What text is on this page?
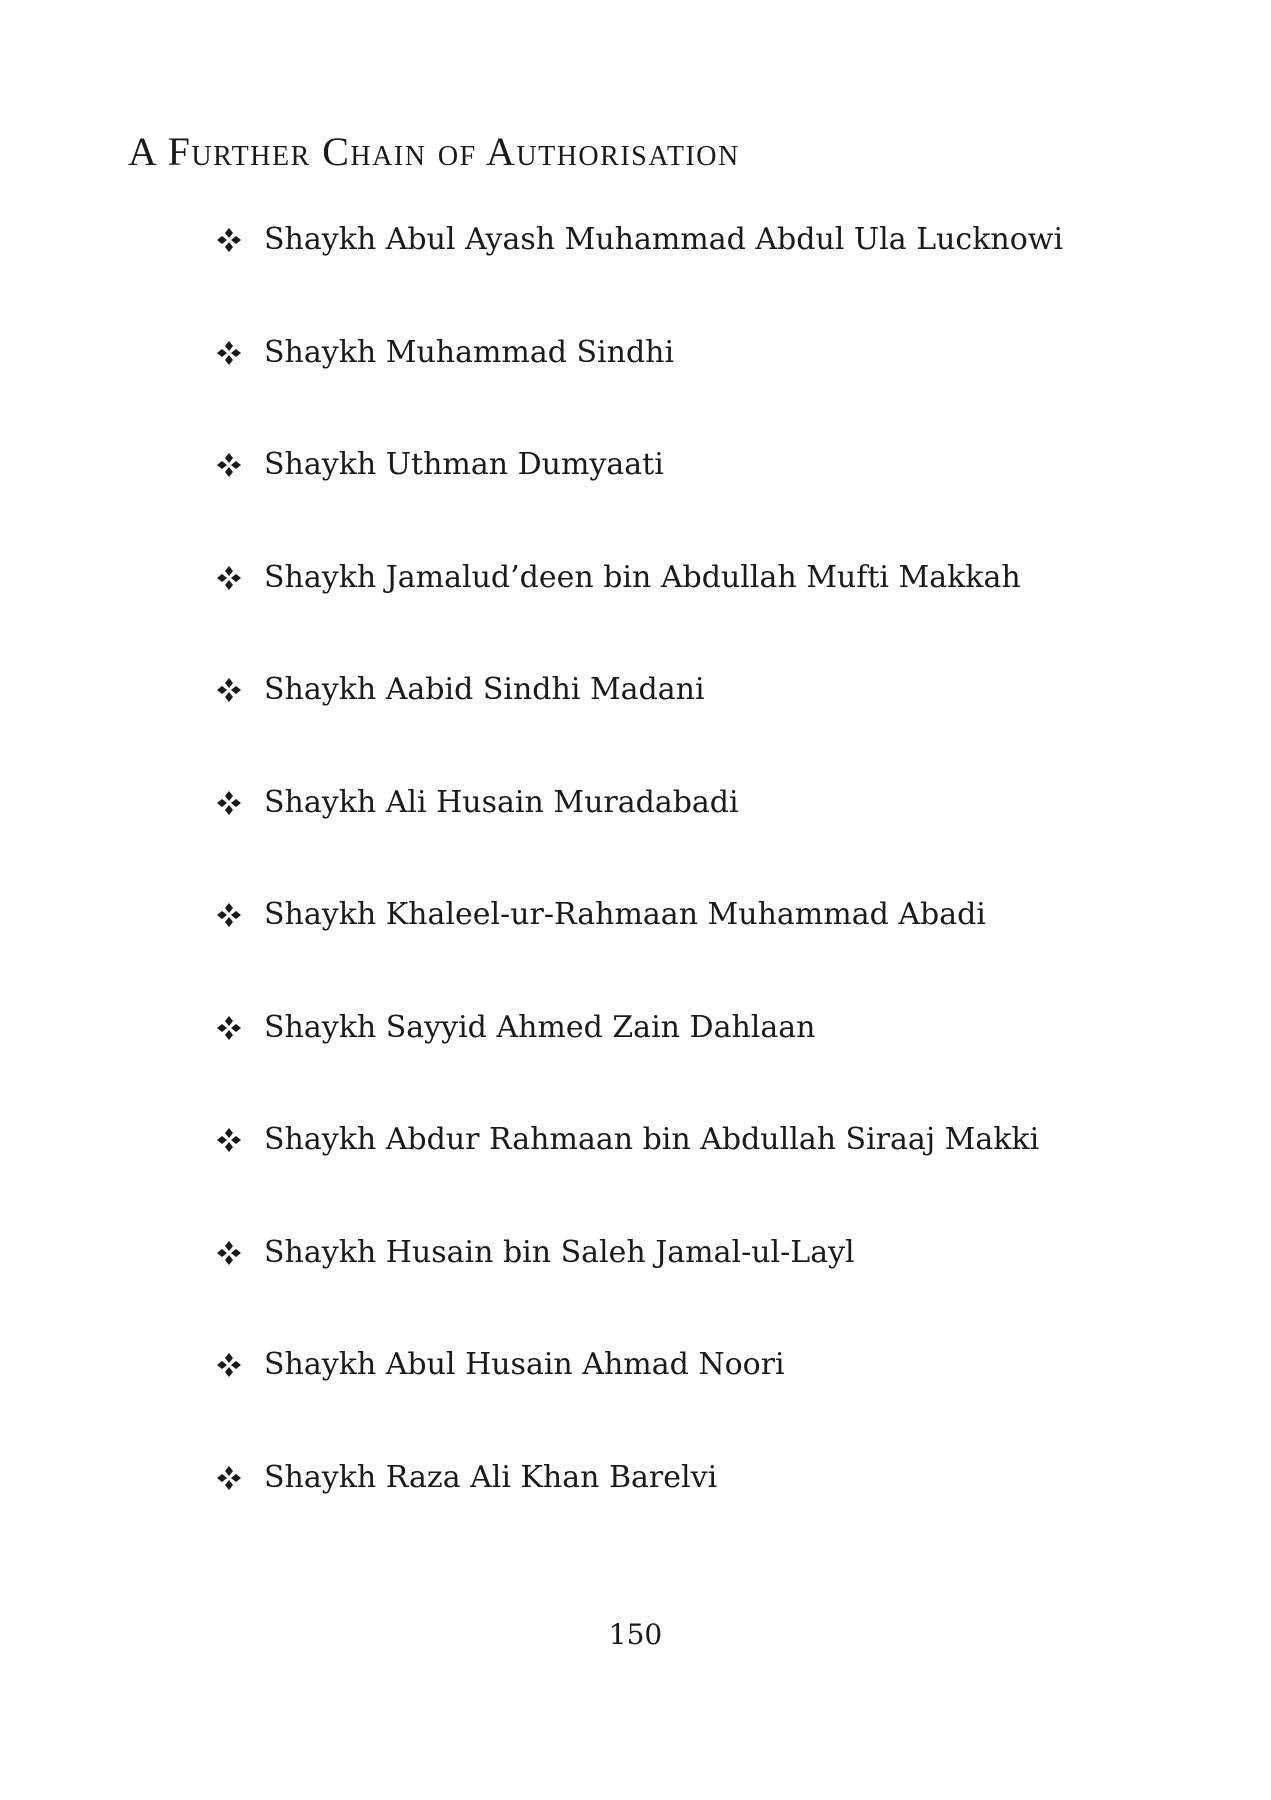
A Further Chain of Authorisation
Shaykh Abul Ayash Muhammad Abdul Ula Lucknowi
Shaykh Muhammad Sindhi
Shaykh Uthman Dumyaati
Shaykh Jamalud’deen bin Abdullah Mufti Makkah
Shaykh Aabid Sindhi Madani
Shaykh Ali Husain Muradabadi
Shaykh Khaleel-ur-Rahmaan Muhammad Abadi
Shaykh Sayyid Ahmed Zain Dahlaan
Shaykh Abdur Rahmaan bin Abdullah Siraaj Makki
Shaykh Husain bin Saleh Jamal-ul-Layl
Shaykh Abul Husain Ahmad Noori
Shaykh Raza Ali Khan Barelvi
150
